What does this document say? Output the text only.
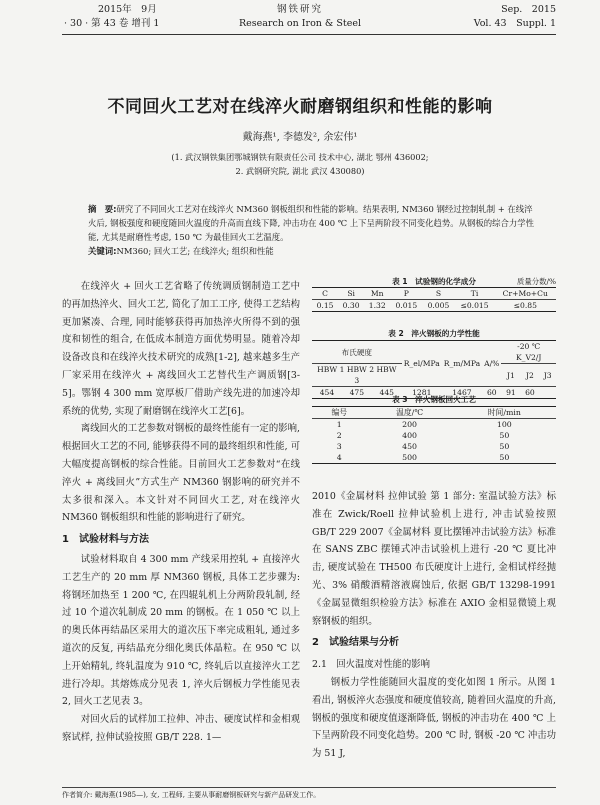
2015年　9月
· 30 · 第 43 卷 增刊 1
钢铁研究
Research on Iron & Steel
Sep.　2015
Vol. 43　Suppl. 1
不同回火工艺对在线淬火耐磨钢组织和性能的影响
戴海燕¹, 李德发², 余宏伟¹
(1. 武汉钢铁集团鄂城钢铁有限责任公司 技术中心, 湖北 鄂州 436002;
2. 武钢研究院, 湖北 武汉 430080)
摘　要:研究了不同回火工艺对在线淬火 NM360 钢板组织和性能的影响。结果表明, NM360 钢经过控制轧制 + 在线淬火后, 钢板强度和硬度随回火温度的升高而直线下降, 冲击功在 400 ℃ 上下呈两阶段不同变化趋势。从钢板的综合力学性能, 尤其是耐磨性考虑, 150 ℃ 为最佳回火工艺温度。
关键词:NM360; 回火工艺; 在线淬火; 组织和性能

在线淬火 + 回火工艺省略了传统调质钢制造工艺中的再加热淬火、回火工艺, 简化了加工工序, 使得工艺结构更加紧凑、合理, 同时能够获得再加热淬火所得不到的强度和韧性的组合, 在低成本制造方面优势明显。随着冷却设备改良和在线淬火技术研究的成熟[1-2], 越来越多生产厂家采用在线淬火 + 离线回火工艺替代生产调质钢[3-5]。鄂钢 4 300 mm 宽厚板厂借助产线先进的加速冷却系统的优势, 实现了耐磨钢在线淬火工艺[6]。

离线回火的工艺参数对钢板的最终性能有一定的影响, 根据回火工艺的不同, 能够获得不同的最终组织和性能, 可大幅度提高钢板的综合性能。目前回火工艺参数对“在线淬火 + 离线回火”方式生产 NM360 钢影响的研究并不太多很和深入。本文针对不同回火工艺, 对在线淬火 NM360 钢板组织和性能的影响进行了研究。

1　试验材料与方法

试验材料取自 4 300 mm 产线采用控轧 + 直接淬火工艺生产的 20 mm 厚 NM360 钢板, 具体工艺步骤为: 将钢坯加热至 1 200 ℃, 在四辊轧机上分两阶段轧制, 经过 10 个道次轧制成 20 mm 的钢板。在 1 050 ℃ 以上的奥氏体再结晶区采用大的道次压下率完成粗轧, 通过多道次的反复, 再结晶充分细化奥氏体晶粒。在 950 ℃ 以上开始精轧, 终轧温度为 910 ℃, 终轧后以直接淬火工艺进行冷却。其熔炼成分见表 1, 淬火后钢板力学性能见表 2, 回火工艺见表 3。

对回火后的试样加工拉伸、冲击、硬度试样和金相观察试样, 拉伸试验按照 GB/T 228. 1—

表 1　试验钢的化学成分	质量分数/%
C	Si	Mn	P	S	Ti	Cr+Mo+Cu
0.15	0.30	1.32	0.015	0.005	≤0.015	≤0.85
表 2　淬火钢板的力学性能
布氏硬度			R_el/MPa	R_m/MPa	A/%	-20 ℃ K_V2/J		
HBW 1 HBW 2 HBW 3						J1	J2	J3
454	475	445	1281	1467	60	91	60	
表 3　淬火钢板回火工艺
编号	温度/℃	时间/min
1	200	100
2	400	50
3	450	50
4	500	50

2010《金属材料 拉伸试验 第 1 部分: 室温试验方法》标准在 Zwick/Roell 拉伸试验机上进行, 冲击试验按照 GB/T 229 2007《金属材料 夏比摆锤冲击试验方法》标准在 SANS ZBC 摆锤式冲击试验机上进行 -20 ℃ 夏比冲击, 硬度试验在 TH500 布氏硬度计上进行, 金相试样经抛光、3% 硝酸酒精溶液腐蚀后, 依据 GB/T 13298-1991《金属显微组织检验方法》标准在 AXIO 金相显微镜上观察钢板的组织。

2　试验结果与分析
2.1　回火温度对性能的影响

钢板力学性能随回火温度的变化如图 1 所示。从图 1 看出, 钢板淬火态强度和硬度值较高, 随着回火温度的升高, 钢板的强度和硬度值逐渐降低, 钢板的冲击功在 400 ℃ 上下呈两阶段不同变化趋势。200 ℃ 时, 钢板 -20 ℃ 冲击功为 51 J,

作者简介: 戴海燕(1985—), 女, 工程师, 主要从事耐磨钢板研究与新产品研发工作。
